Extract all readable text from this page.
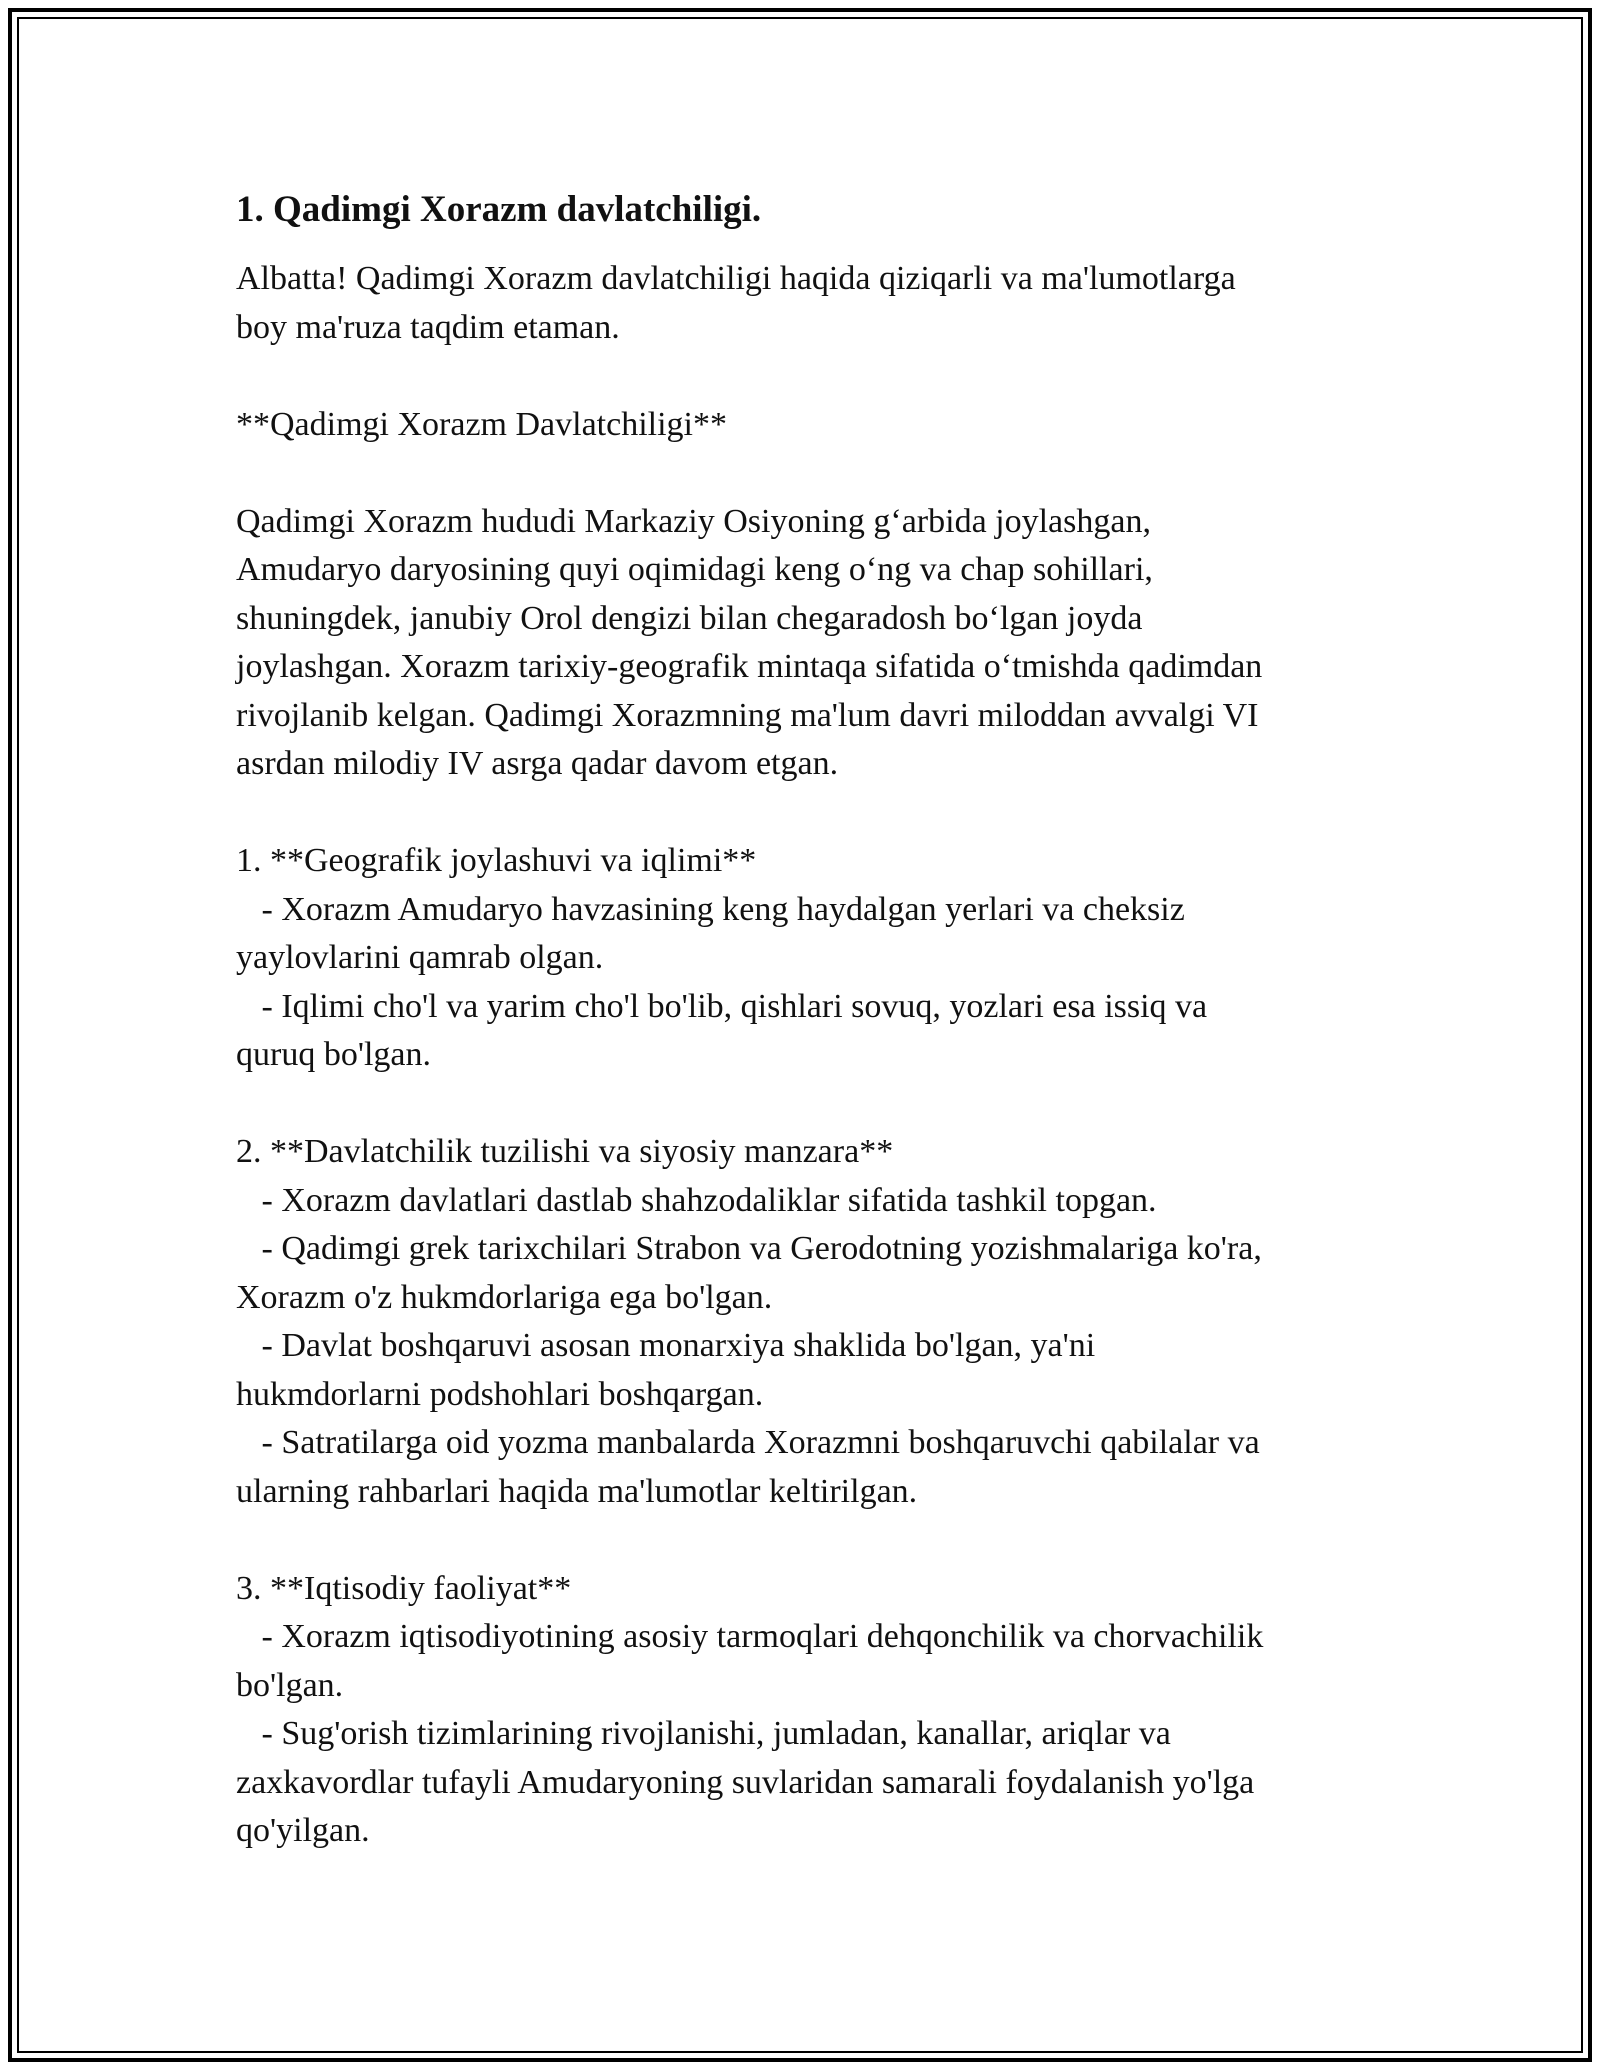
1. Qadimgi Xorazm davlatchiligi.
Albatta! Qadimgi Xorazm davlatchiligi haqida qiziqarli va ma'lumotlarga
boy ma'ruza taqdim etaman.
**Qadimgi Xorazm Davlatchiligi**
Qadimgi Xorazm hududi Markaziy Osiyoning g‘arbida joylashgan,
Amudaryo daryosining quyi oqimidagi keng o‘ng va chap sohillari,
shuningdek, janubiy Orol dengizi bilan chegaradosh bo‘lgan joyda
joylashgan. Xorazm tarixiy-geografik mintaqa sifatida o‘tmishda qadimdan
rivojlanib kelgan. Qadimgi Xorazmning ma'lum davri miloddan avvalgi VI
asrdan milodiy IV asrga qadar davom etgan.
1. **Geografik joylashuvi va iqlimi**
- Xorazm Amudaryo havzasining keng haydalgan yerlari va cheksiz
yaylovlarini qamrab olgan.
- Iqlimi cho'l va yarim cho'l bo'lib, qishlari sovuq, yozlari esa issiq va
quruq bo'lgan.
2. **Davlatchilik tuzilishi va siyosiy manzara**
- Xorazm davlatlari dastlab shahzodaliklar sifatida tashkil topgan.
- Qadimgi grek tarixchilari Strabon va Gerodotning yozishmalariga ko'ra,
Xorazm o'z hukmdorlariga ega bo'lgan.
- Davlat boshqaruvi asosan monarxiya shaklida bo'lgan, ya'ni
hukmdorlarni podshohlari boshqargan.
- Satratilarga oid yozma manbalarda Xorazmni boshqaruvchi qabilalar va
ularning rahbarlari haqida ma'lumotlar keltirilgan.
3. **Iqtisodiy faoliyat**
- Xorazm iqtisodiyotining asosiy tarmoqlari dehqonchilik va chorvachilik
bo'lgan.
- Sug'orish tizimlarining rivojlanishi, jumladan, kanallar, ariqlar va
zaxkavordlar tufayli Amudaryoning suvlaridan samarali foydalanish yo'lga
qo'yilgan.
